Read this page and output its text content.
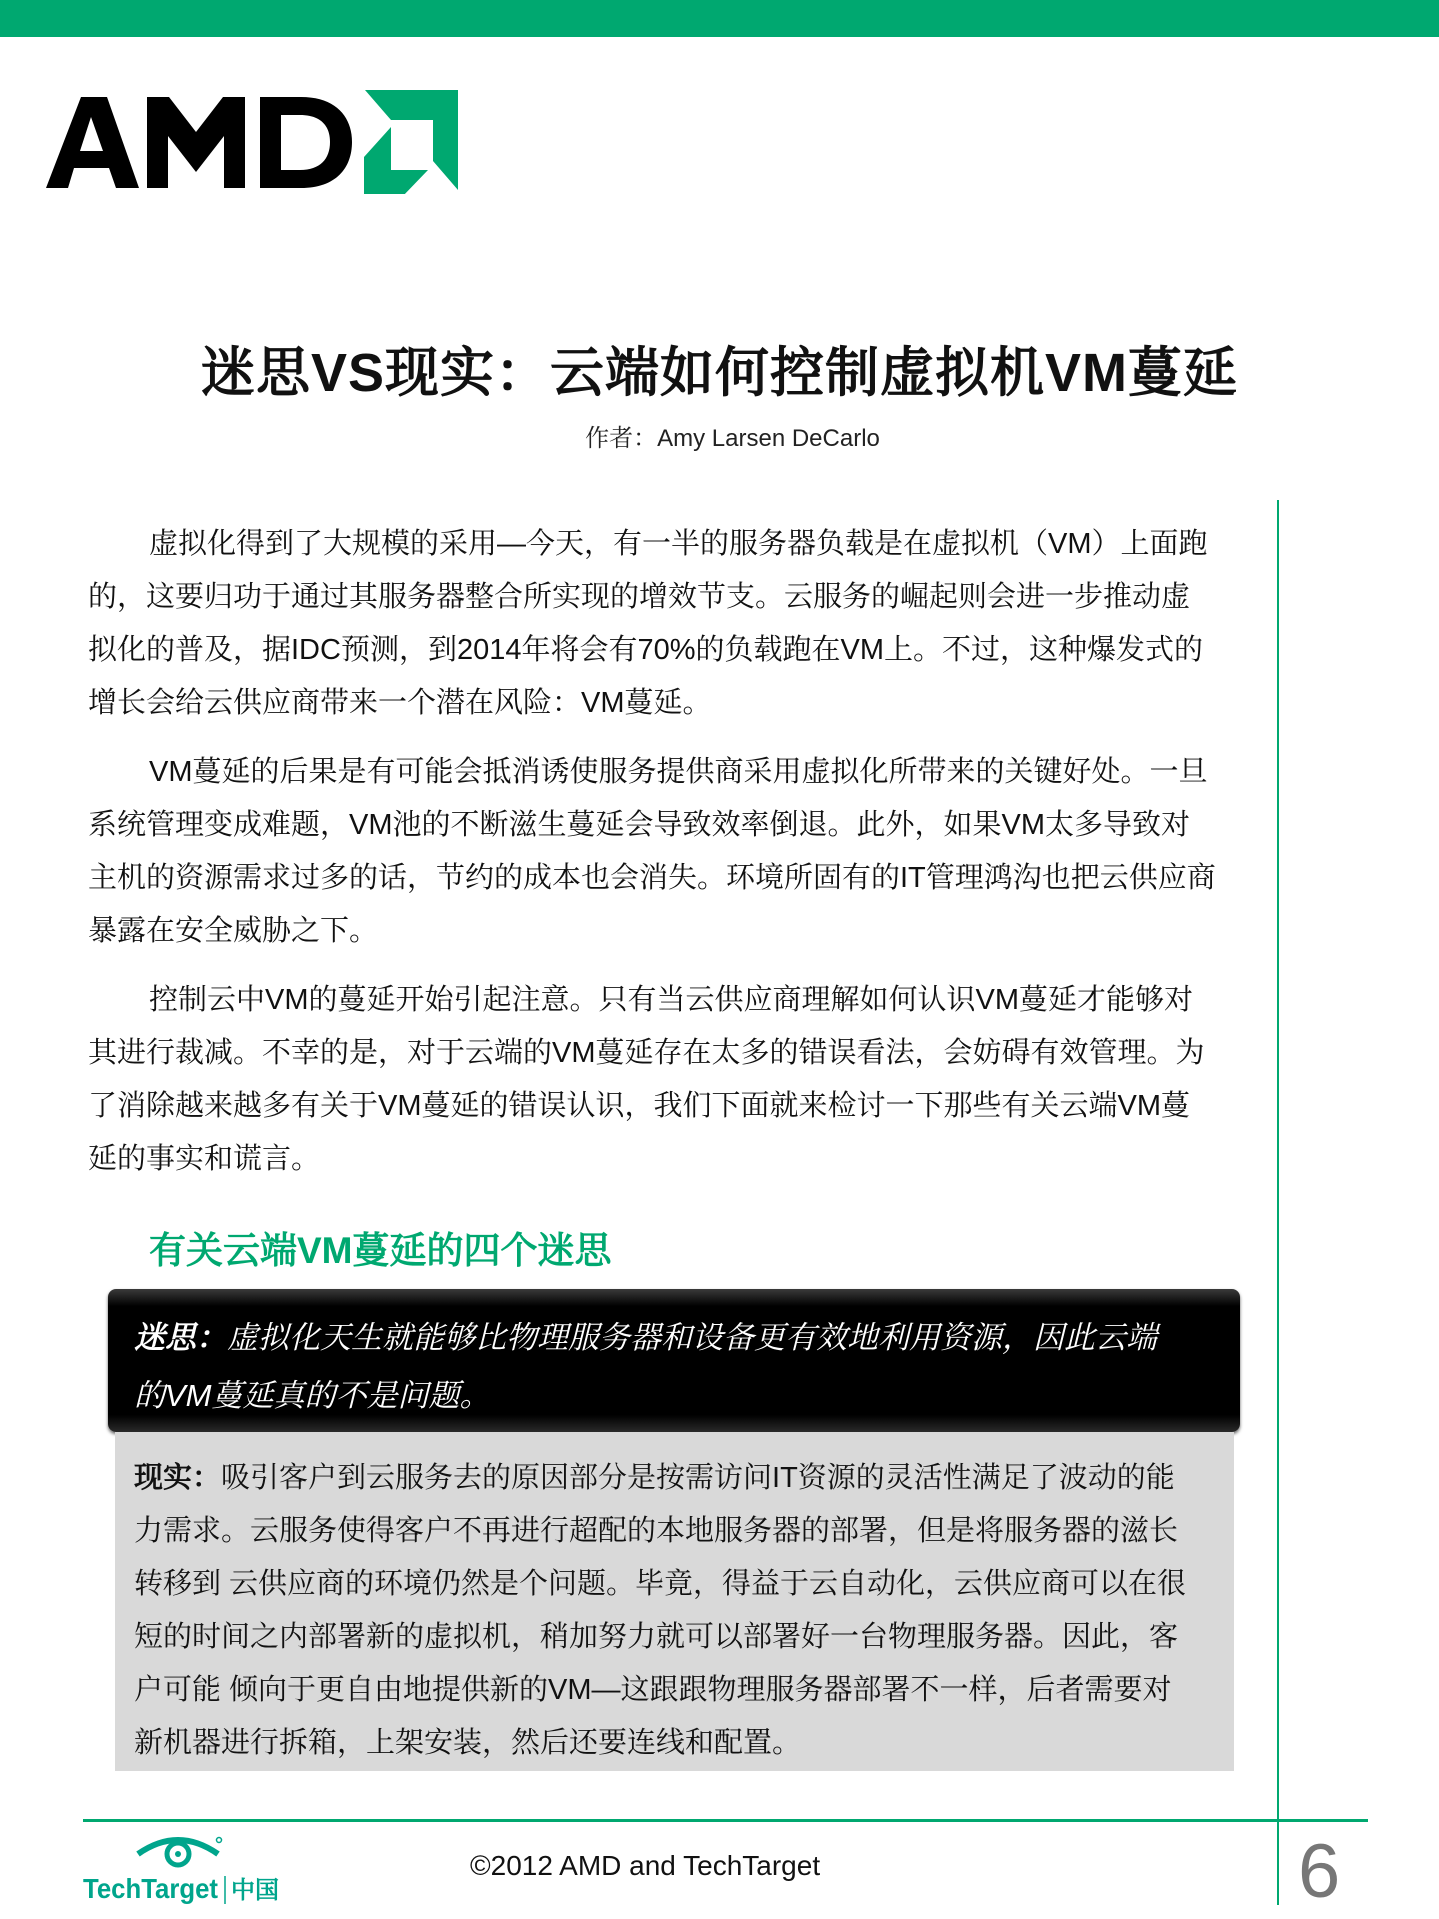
迷思VS现实：云端如何控制虚拟机VM蔓延
作者：Amy Larsen DeCarlo
虚拟化得到了大规模的采用—今天，有一半的服务器负载是在虚拟机（VM）上面跑
的，这要归功于通过其服务器整合所实现的增效节支。云服务的崛起则会进一步推动虚
拟化的普及，据IDC预测，到2014年将会有70%的负载跑在VM上。不过，这种爆发式的
增长会给云供应商带来一个潜在风险：VM蔓延。
VM蔓延的后果是有可能会抵消诱使服务提供商采用虚拟化所带来的关键好处。一旦
系统管理变成难题，VM池的不断滋生蔓延会导致效率倒退。此外，如果VM太多导致对
主机的资源需求过多的话，节约的成本也会消失。环境所固有的IT管理鸿沟也把云供应商
暴露在安全威胁之下。
控制云中VM的蔓延开始引起注意。只有当云供应商理解如何认识VM蔓延才能够对
其进行裁减。不幸的是，对于云端的VM蔓延存在太多的错误看法，会妨碍有效管理。为
了消除越来越多有关于VM蔓延的错误认识，我们下面就来检讨一下那些有关云端VM蔓
延的事实和谎言。
有关云端VM蔓延的四个迷思
迷思：虚拟化天生就能够比物理服务器和设备更有效地利用资源，因此云端
的VM蔓延真的不是问题。
现实：吸引客户到云服务去的原因部分是按需访问IT资源的灵活性满足了波动的能
力需求。云服务使得客户不再进行超配的本地服务器的部署，但是将服务器的滋长
转移到 云供应商的环境仍然是个问题。毕竟，得益于云自动化，云供应商可以在很
短的时间之内部署新的虚拟机，稍加努力就可以部署好一台物理服务器。因此，客
户可能 倾向于更自由地提供新的VM—这跟跟物理服务器部署不一样，后者需要对
新机器进行拆箱，上架安装，然后还要连线和配置。
TechTarget 中国
©2012 AMD and TechTarget	6
